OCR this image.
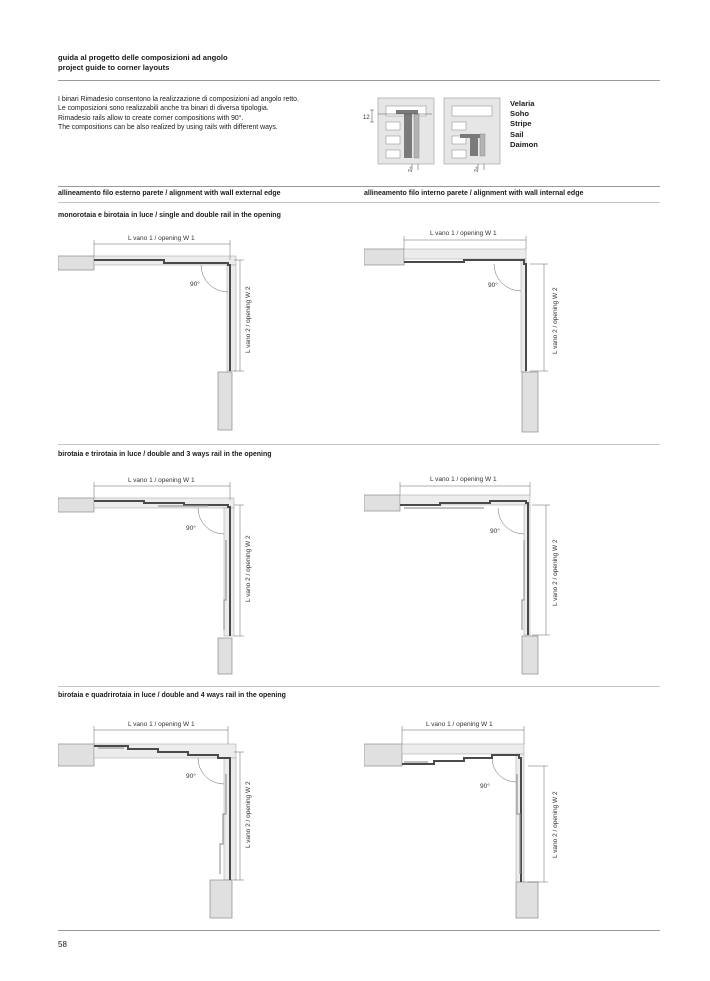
guida al progetto delle composizioni ad angolo
project guide to corner layouts

I binari Rimadesio consentono la realizzazione di composizioni ad angolo retto.

Le composizioni sono realizzabili anche tra binari di diversa tipologia.

Rimadesio rails allow to create corner compositions with 90°.

The compositions can be also realized by using rails with different ways.

12
2÷	2÷
Velaria
Soho
Stripe
Sail
Daimon
allineamento filo esterno parete / alignment with wall external edge	allineamento filo interno parete / alignment with wall internal edge
monorotaia e birotaia in luce / single and double rail in the opening
birotaia e trirotaia in luce / double and 3 ways rail in the opening
birotaia e quadrirotaia in luce / double and 4 ways rail in the opening
L vano 1 / opening W 1
90°
L vano 2 / opening W 2
L vano 1 / opening W 1
90°
L vano 2 / opening W 2
L vano 1 / opening W 1
90°
L vano 2 / opening W 2
L vano 1 / opening W 1
90°
L vano 2 / opening W 2
L vano 1 / opening W 1
90°
L vano 2 / opening W 2
L vano 1 / opening W 1
90°
L vano 2 / opening W 2
58
